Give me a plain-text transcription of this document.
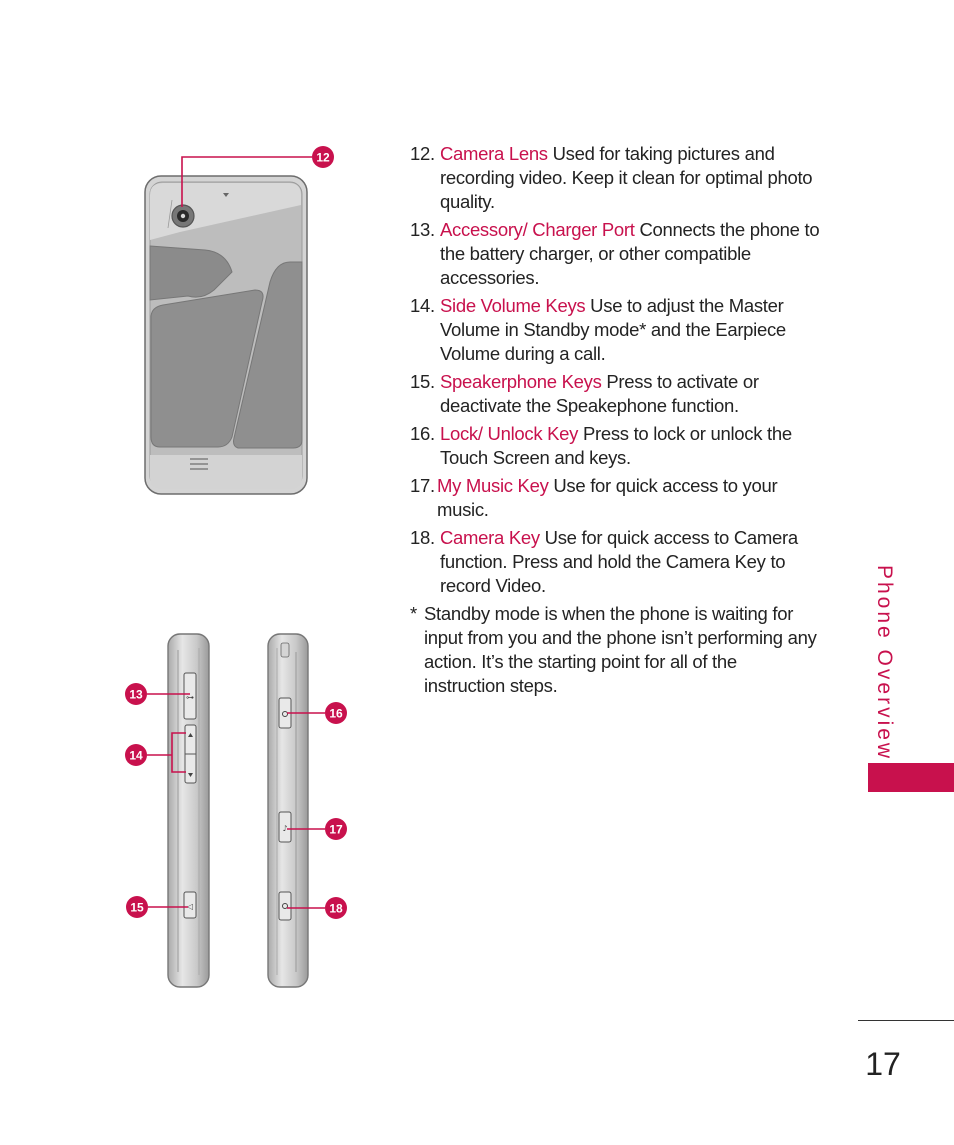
12
⊶
◁
♪
13
14
15
16
17
18
12. Camera Lens Used for taking pictures and recording video. Keep it clean for optimal photo quality.
13. Accessory/ Charger Port Connects the phone to the battery charger, or other compatible accessories.
14. Side Volume Keys Use to adjust the Master Volume in Standby mode* and the Earpiece Volume during a call.
15. Speakerphone Keys Press to activate or deactivate the Speakephone function.
16. Lock/ Unlock Key Press to lock or unlock the Touch Screen and keys.
17. My Music Key Use for quick access to your music.
18. Camera Key Use for quick access to Camera function. Press and hold the Camera Key to record Video.
* Standby mode is when the phone is waiting for input from you and the phone isn’t performing any action. It’s the starting point for all of the instruction steps.	Phone Overview
17
